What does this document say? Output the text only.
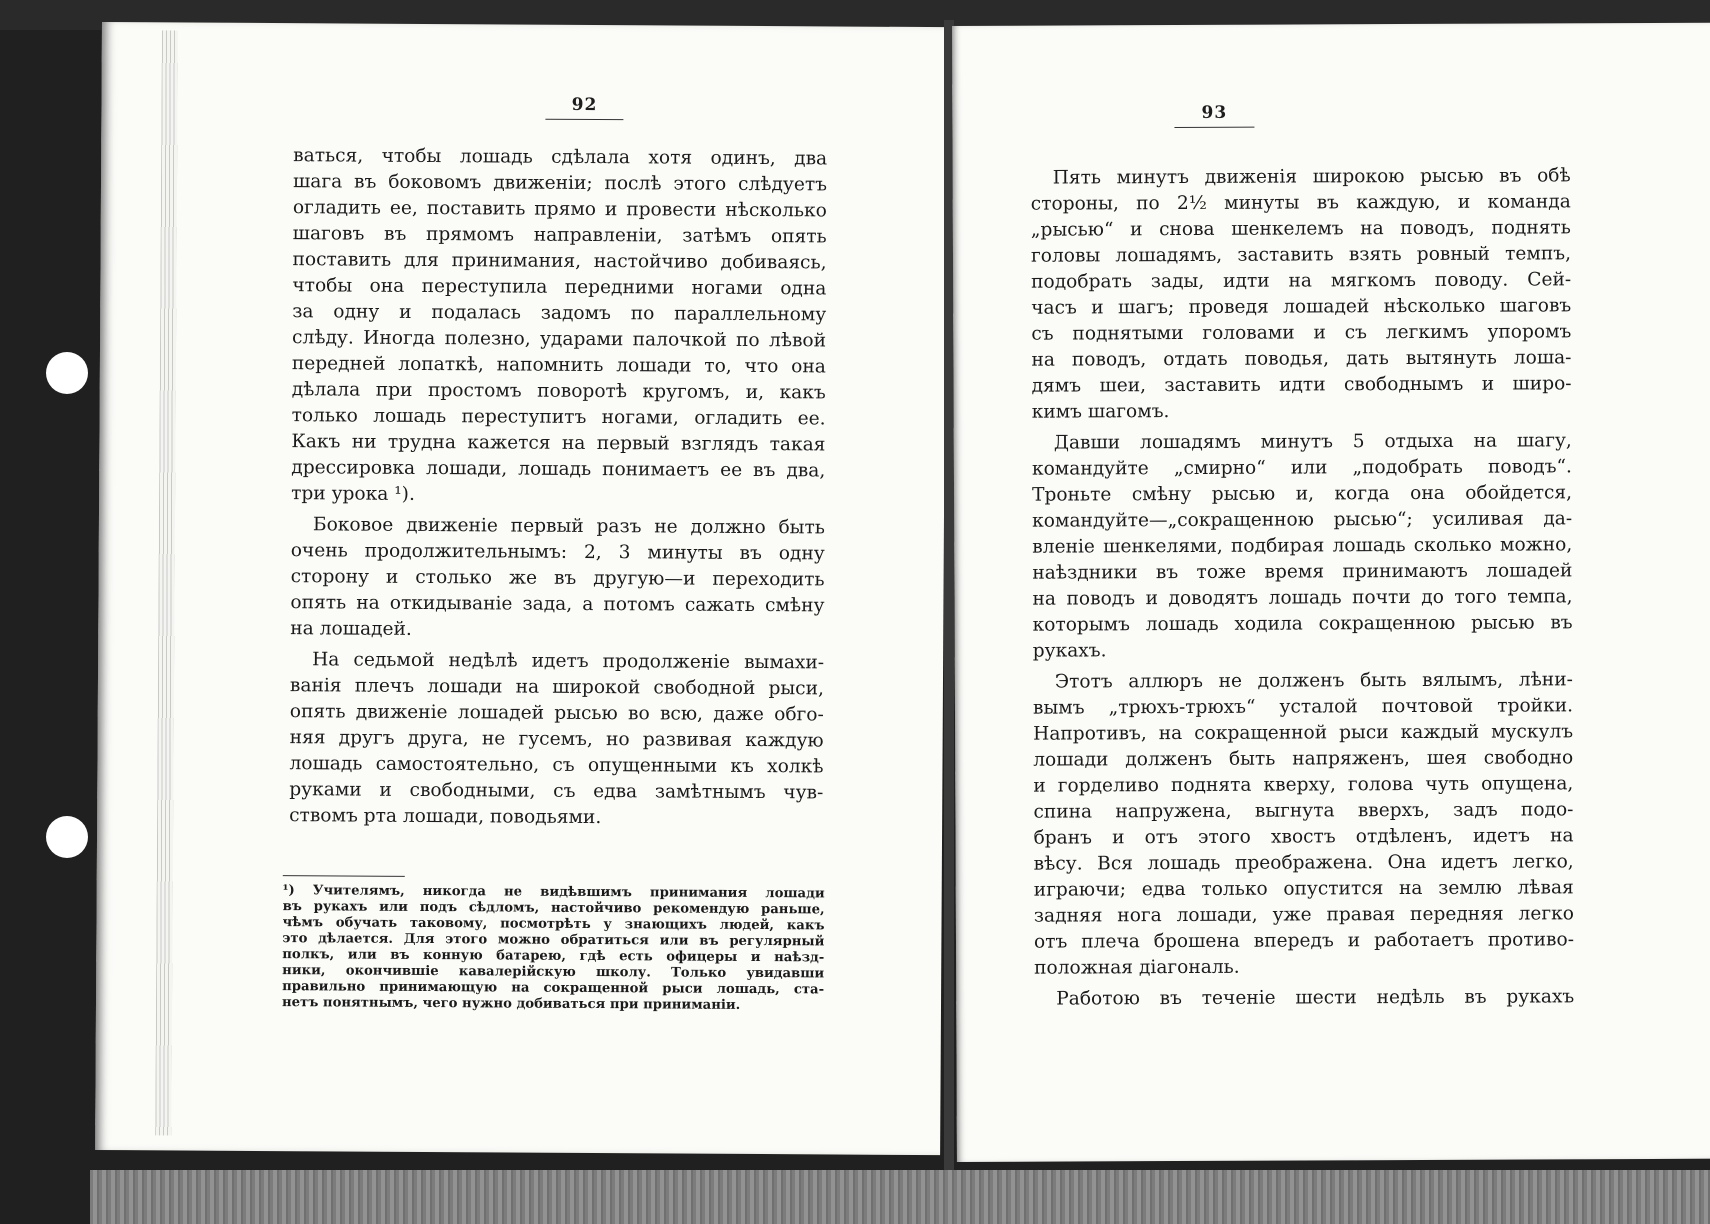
92
ваться, чтобы лошадь сдѣлала хотя одинъ, два
шага въ боковомъ движенiи; послѣ этого слѣдуетъ
огладить ее, поставить прямо и провести нѣсколько
шаговъ въ прямомъ направленiи, затѣмъ опять
поставить для принимания, настойчиво добиваясь,
чтобы она переступила передними ногами одна
за одну и подалась задомъ по параллельному
слѣду. Иногда полезно, ударами палочкой по лѣвой
передней лопаткѣ, напомнить лошади то, что она
дѣлала при простомъ поворотѣ кругомъ, и, какъ
только лошадь переступитъ ногами, огладить ее.
Какъ ни трудна кажется на первый взглядъ такая
дрессировка лошади, лошадь понимаетъ ее въ два,
три урока ¹).
Боковое движенiе первый разъ не должно быть
очень продолжительнымъ: 2, 3 минуты въ одну
сторону и столько же въ другую—и переходить
опять на откидыванiе зада, а потомъ сажать смѣну
на лошадей.
На седьмой недѣлѣ идетъ продолженiе вымахи-
ванiя плечъ лошади на широкой свободной рыси,
опять движенiе лошадей рысью во всю, даже обго-
няя другъ друга, не гусемъ, но развивая каждую
лошадь самостоятельно, съ опущенными къ холкѣ
руками и свободными, съ едва замѣтнымъ чув-
ствомъ рта лошади, поводьями.
¹) Учителямъ, никогда не видѣвшимъ принимания лошади
въ рукахъ или подъ сѣдломъ, настойчиво рекомендую раньше,
чѣмъ обучать таковому, посмотрѣть у знающихъ людей, какъ
это дѣлается. Для этого можно обратиться или въ регулярный
полкъ, или въ конную батарею, гдѣ есть офицеры и наѣзд-
ники, окончившiе кавалерiйскую школу. Только увидавши
правильно принимающую на сокращенной рыси лошадь, ста-
нетъ понятнымъ, чего нужно добиваться при приниманiи.
93
Пять минутъ движенiя широкою рысью въ обѣ
стороны, по 2½ минуты въ каждую, и команда
„рысью“ и снова шенкелемъ на поводъ, поднять
головы лошадямъ, заставить взять ровный темпъ,
подобрать зады, идти на мягкомъ поводу. Сей-
часъ и шагъ; проведя лошадей нѣсколько шаговъ
съ поднятыми головами и съ легкимъ упоромъ
на поводъ, отдать поводья, дать вытянуть лоша-
дямъ шеи, заставить идти свободнымъ и широ-
кимъ шагомъ.
Давши лошадямъ минутъ 5 отдыха на шагу,
командуйте „смирно“ или „подобрать поводъ“.
Троньте смѣну рысью и, когда она обойдется,
командуйте—„сокращенною рысью“; усиливая да-
вленiе шенкелями, подбирая лошадь сколько можно,
наѣздники въ тоже время принимаютъ лошадей
на поводъ и доводятъ лошадь почти до того темпа,
которымъ лошадь ходила сокращенною рысью въ
рукахъ.
Этотъ аллюръ не долженъ быть вялымъ, лѣни-
вымъ „трюхъ-трюхъ“ усталой почтовой тройки.
Напротивъ, на сокращенной рыси каждый мускулъ
лошади долженъ быть напряженъ, шея свободно
и горделиво поднята кверху, голова чуть опущена,
спина напружена, выгнута вверхъ, задъ подо-
бранъ и отъ этого хвостъ отдѣленъ, идетъ на
вѣсу. Вся лошадь преображена. Она идетъ легко,
играючи; едва только опустится на землю лѣвая
задняя нога лошади, уже правая передняя легко
отъ плеча брошена впередъ и работаетъ противо-
положная дiагональ.
Работою въ теченiе шести недѣль въ рукахъ
